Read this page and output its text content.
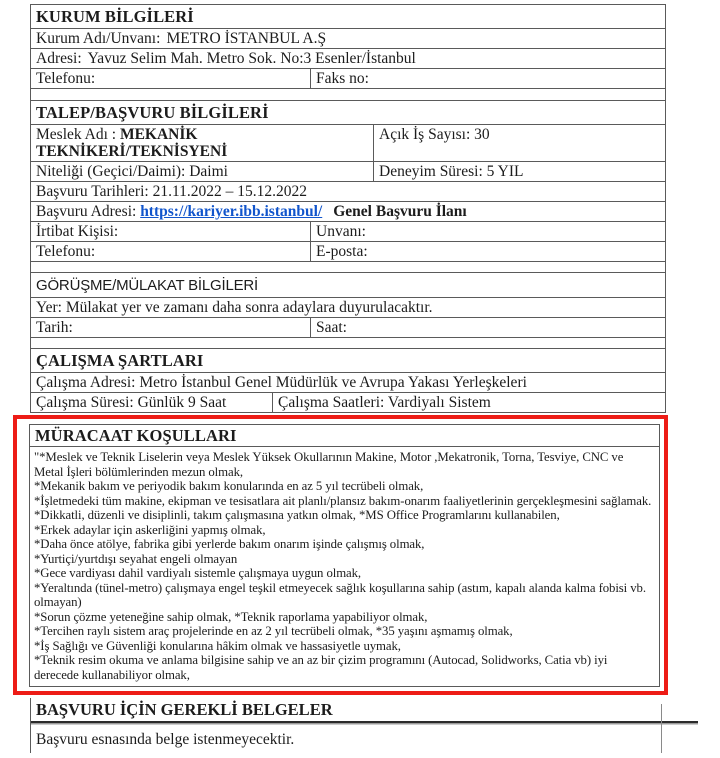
KURUM BİLGİLERİ
Kurum Adı/Unvanı: METRO İSTANBUL A.Ş
Adresi: Yavuz Selim Mah. Metro Sok. No:3 Esenler/İstanbul
Telefonu:	Faks no:
TALEP/BAŞVURU BİLGİLERİ
Meslek Adı : MEKANİK TEKNİKERİ/TEKNİSYENİ
Açık İş Sayısı: 30
Niteliği (Geçici/Daimi): Daimi	Deneyim Süresi: 5 YIL
Başvuru Tarihleri: 21.11.2022 – 15.12.2022
Başvuru Adresi: https://kariyer.ibb.istanbul/ Genel Başvuru İlanı
İrtibat Kişisi:	Unvanı:
Telefonu:	E-posta:
GÖRÜŞME/MÜLAKAT BİLGİLERİ
Yer: Mülakat yer ve zamanı daha sonra adaylara duyurulacaktır.
Tarih:	Saat:
ÇALIŞMA ŞARTLARI
Çalışma Adresi: Metro İstanbul Genel Müdürlük ve Avrupa Yakası Yerleşkeleri
Çalışma Süresi: Günlük 9 Saat	Çalışma Saatleri: Vardiyalı Sistem
MÜRACAAT KOŞULLARI

"*Meslek ve Teknik Liselerin veya Meslek Yüksek Okullarının Makine, Motor ,Mekatronik, Torna, Tesviye, CNC ve Metal İşleri bölümlerinden mezun olmak,

*Mekanik bakım ve periyodik bakım konularında en az 5 yıl tecrübeli olmak,

*İşletmedeki tüm makine, ekipman ve tesisatlara ait planlı/plansız bakım-onarım faaliyetlerinin gerçekleşmesini sağlamak.

*Dikkatli, düzenli ve disiplinli, takım çalışmasına yatkın olmak, *MS Office Programlarını kullanabilen,

*Erkek adaylar için askerliğini yapmış olmak,

*Daha önce atölye, fabrika gibi yerlerde bakım onarım işinde çalışmış olmak,

*Yurtiçi/yurtdışı seyahat engeli olmayan

*Gece vardiyası dahil vardiyalı sistemle çalışmaya uygun olmak,

*Yeraltında (tünel-metro) çalışmaya engel teşkil etmeyecek sağlık koşullarına sahip (astım, kapalı alanda kalma fobisi vb. olmayan)

*Sorun çözme yeteneğine sahip olmak, *Teknik raporlama yapabiliyor olmak,

*Tercihen raylı sistem araç projelerinde en az 2 yıl tecrübeli olmak, *35 yaşını aşmamış olmak,

*İş Sağlığı ve Güvenliği konularına hâkim olmak ve hassasiyetle uymak,

*Teknik resim okuma ve anlama bilgisine sahip ve an az bir çizim programını (Autocad, Solidworks, Catia vb) iyi derecede kullanabiliyor olmak,

BAŞVURU İÇİN GEREKLİ BELGELER
Başvuru esnasında belge istenmeyecektir.
